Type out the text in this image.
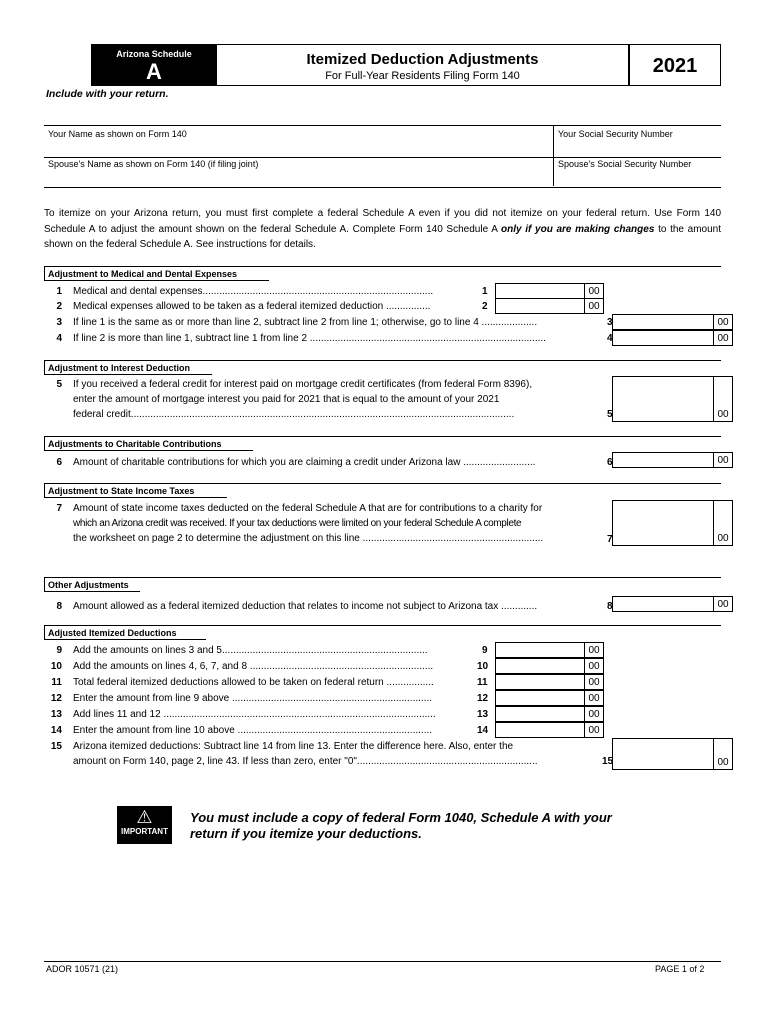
Arizona Schedule
A	Itemized Deduction Adjustments
For Full-Year Residents Filing Form 140	2021
Include with your return.
Your Name as shown on Form 140	Your Social Security Number
Spouse's Name as shown on Form 140 (if filing joint)	Spouse's Social Security Number
To itemize on your Arizona return, you must first complete a federal Schedule A even if you did not itemize on your federal return. Use Form 140 Schedule A to adjust the amount shown on the federal Schedule A. Complete Form 140 Schedule A only if you are making changes to the amount shown on the federal Schedule A. See instructions for details.
Adjustment to Medical and Dental Expenses
1 Medical and dental expenses...................................................................................	1	00
2 Medical expenses allowed to be taken as a federal itemized deduction ................	2	00
3 If line 1 is the same as or more than line 2, subtract line 2 from line 1; otherwise, go to line 4 ....................	3	00
4 If line 2 is more than line 1, subtract line 1 from line 2 .....................................................................................	4	00
Adjustment to Interest Deduction
5 If you received a federal credit for interest paid on mortgage credit certificates (from federal Form 8396),
enter the amount of mortgage interest you paid for 2021 that is equal to the amount of your 2021
federal credit..........................................................................................................................................	5	00
Adjustments to Charitable Contributions
6 Amount of charitable contributions for which you are claiming a credit under Arizona law ..........................	6	00
Adjustment to State Income Taxes
7 Amount of state income taxes deducted on the federal Schedule A that are for contributions to a charity for
which an Arizona credit was received. If your tax deductions were limited on your federal Schedule A complete
the worksheet on page 2 to determine the adjustment on this line .................................................................	7	00
Other Adjustments
8 Amount allowed as a federal itemized deduction that relates to income not subject to Arizona tax .............	8	00
Adjusted Itemized Deductions
9 Add the amounts on lines 3 and 5..........................................................................	9	00
10 Add the amounts on lines 4, 6, 7, and 8 ..................................................................	10	00
11 Total federal itemized deductions allowed to be taken on federal return .................	11	00
12 Enter the amount from line 9 above ........................................................................	12	00
13 Add lines 11 and 12 ..................................................................................................	13	00
14 Enter the amount from line 10 above ......................................................................	14	00
15 Arizona itemized deductions: Subtract line 14 from line 13. Enter the difference here. Also, enter the
amount on Form 140, page 2, line 43. If less than zero, enter "0".................................................................	15	00
⚠
IMPORTANT
You must include a copy of federal Form 1040, Schedule A with your
return if you itemize your deductions.
ADOR 10571 (21)	PAGE 1 of 2
